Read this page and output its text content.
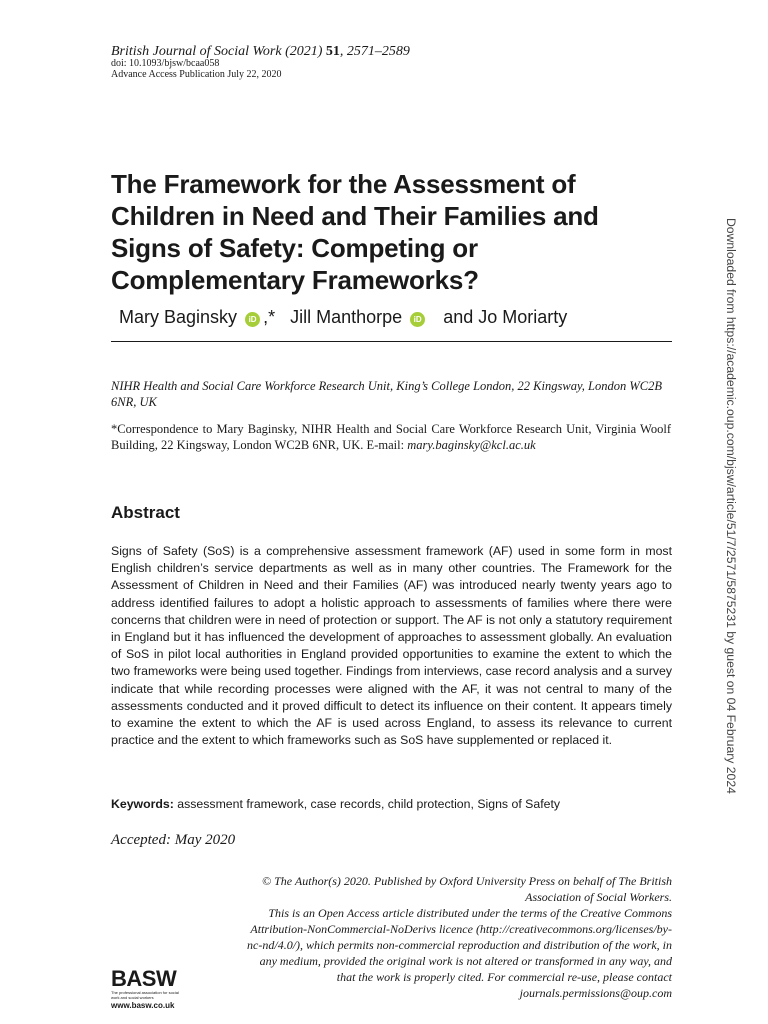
British Journal of Social Work (2021) 51, 2571–2589
doi: 10.1093/bjsw/bcaa058
Advance Access Publication July 22, 2020
The Framework for the Assessment of Children in Need and Their Families and Signs of Safety: Competing or Complementary Frameworks?
Mary Baginsky iD ,* Jill Manthorpe iD and Jo Moriarty
NIHR Health and Social Care Workforce Research Unit, King’s College London, 22 Kingsway, London WC2B 6NR, UK
*Correspondence to Mary Baginsky, NIHR Health and Social Care Workforce Research Unit, Virginia Woolf Building, 22 Kingsway, London WC2B 6NR, UK. E-mail: mary.baginsky@kcl.ac.uk
Abstract
Signs of Safety (SoS) is a comprehensive assessment framework (AF) used in some form in most English children’s service departments as well as in many other countries. The Framework for the Assessment of Children in Need and their Families (AF) was introduced nearly twenty years ago to address identified failures to adopt a holistic approach to assessments of families where there were concerns that children were in need of protection or support. The AF is not only a statutory requirement in England but it has influenced the development of approaches to assessment globally. An evaluation of SoS in pilot local authorities in England provided opportunities to examine the extent to which the two frameworks were being used together. Findings from interviews, case record analysis and a survey indicate that while recording processes were aligned with the AF, it was not central to many of the assessments conducted and it proved difficult to detect its influence on their content. It appears timely to examine the extent to which the AF is used across England, to assess its relevance to current practice and the extent to which frameworks such as SoS have supplemented or replaced it.
Keywords: assessment framework, case records, child protection, Signs of Safety
Accepted: May 2020
© The Author(s) 2020. Published by Oxford University Press on behalf of The British Association of Social Workers.
This is an Open Access article distributed under the terms of the Creative Commons Attribution-NonCommercial-NoDerivs licence (http://creativecommons.org/licenses/by-nc-nd/4.0/), which permits non-commercial reproduction and distribution of the work, in any medium, provided the original work is not altered or transformed in any way, and that the work is properly cited. For commercial re-use, please contact journals.permissions@oup.com
BASW
The professional association for social work and social workers
www.basw.co.uk
Downloaded from https://academic.oup.com/bjsw/article/51/7/2571/5875231 by guest on 04 February 2024
